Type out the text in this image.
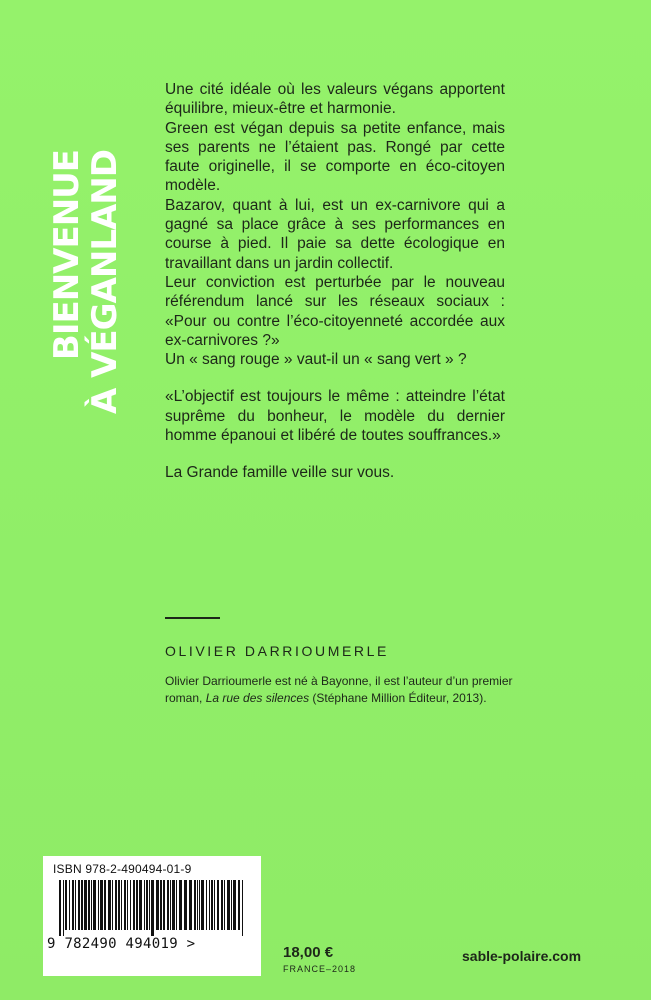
BIENVENUE
À VÉGANLAND

Une cité idéale où les valeurs végans apportent équilibre, mieux-être et harmonie.

Green est végan depuis sa petite enfance, mais ses parents ne l’étaient pas. Rongé par cette faute originelle, il se comporte en éco-citoyen modèle.

Bazarov, quant à lui, est un ex-carnivore qui a gagné sa place grâce à ses performances en course à pied. Il paie sa dette écologique en travaillant dans un jardin collectif.

Leur conviction est perturbée par le nouveau référendum lancé sur les réseaux sociaux : «Pour ou contre l’éco-citoyenneté accordée aux ex-carnivores ?»

Un « sang rouge » vaut-il un « sang vert » ?

«L’objectif est toujours le même : atteindre l’état suprême du bonheur, le modèle du dernier homme épanoui et libéré de toutes souffrances.»

La Grande famille veille sur vous.

OLIVIER DARRIOUMERLE
Olivier Darrioumerle est né à Bayonne, il est l’auteur d’un premier roman, La rue des silences (Stéphane Million Éditeur, 2013).
ISBN 978-2-490494-01-9
9 782490 494019 >	18,00 €
FRANCE–2018
sable-polaire.com
